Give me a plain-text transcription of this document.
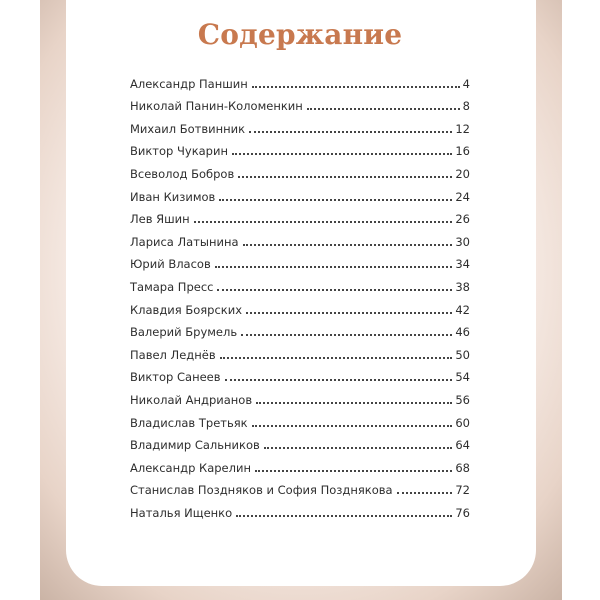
Содержание
Александр Паншин	4
Николай Панин-Коломенкин	8
Михаил Ботвинник	12
Виктор Чукарин	16
Всеволод Бобров	20
Иван Кизимов	24
Лев Яшин	26
Лариса Латынина	30
Юрий Власов	34
Тамара Пресс	38
Клавдия Боярских	42
Валерий Брумель	46
Павел Леднёв	50
Виктор Санеев	54
Николай Андрианов	56
Владислав Третьяк	60
Владимир Сальников	64
Александр Карелин	68
Станислав Поздняков и София Позднякова	72
Наталья Ищенко	76
